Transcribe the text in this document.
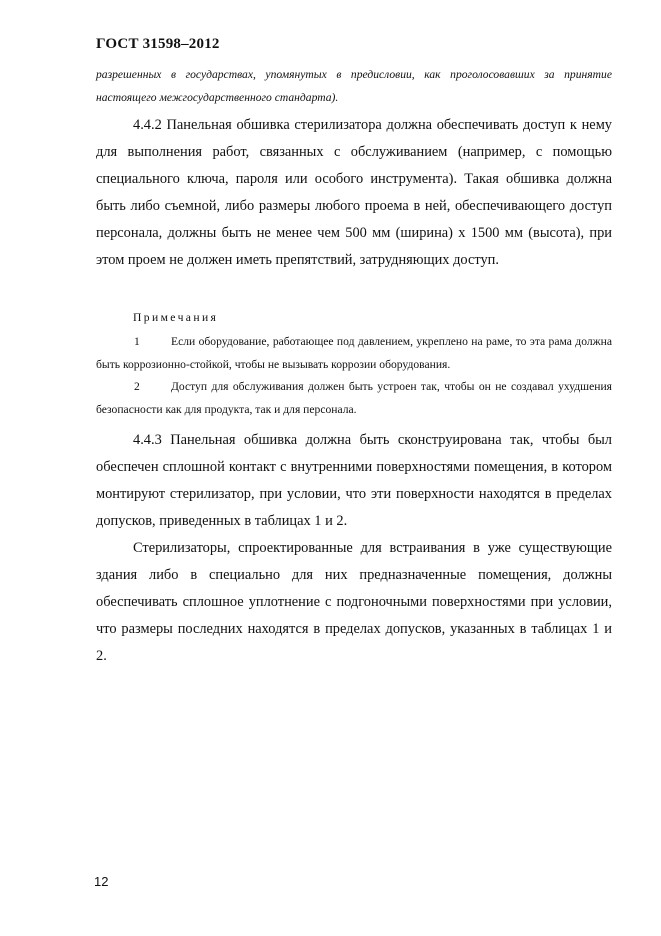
ГОСТ 31598–2012
разрешенных в государствах, упомянутых в предисловии, как проголосовавших за принятие настоящего межгосударственного стандарта).
4.4.2 Панельная обшивка стерилизатора должна обеспечивать доступ к нему для выполнения работ, связанных с обслуживанием (например, с помощью специального ключа, пароля или особого инструмента). Такая обшивка должна быть либо съемной, либо размеры любого проема в ней, обеспечивающего доступ персонала, должны быть не менее чем 500 мм (ширина) х 1500 мм (высота), при этом проем не должен иметь препятствий, затрудняющих доступ.
Примечания
1	Если оборудование, работающее под давлением, укреплено на раме, то эта рама должна быть коррозионно-стойкой, чтобы не вызывать коррозии оборудования.
2	Доступ для обслуживания должен быть устроен так, чтобы он не создавал ухудшения безопасности как для продукта, так и для персонала.
4.4.3 Панельная обшивка должна быть сконструирована так, чтобы был обеспечен сплошной контакт с внутренними поверхностями помещения, в котором монтируют стерилизатор, при условии, что эти поверхности находятся в пределах допусков, приведенных в таблицах 1 и 2.
Стерилизаторы, спроектированные для встраивания в уже существующие здания либо в специально для них предназначенные помещения, должны обеспечивать сплошное уплотнение с подгоночными поверхностями при условии, что размеры последних находятся в пределах допусков, указанных в таблицах 1 и 2.
12
